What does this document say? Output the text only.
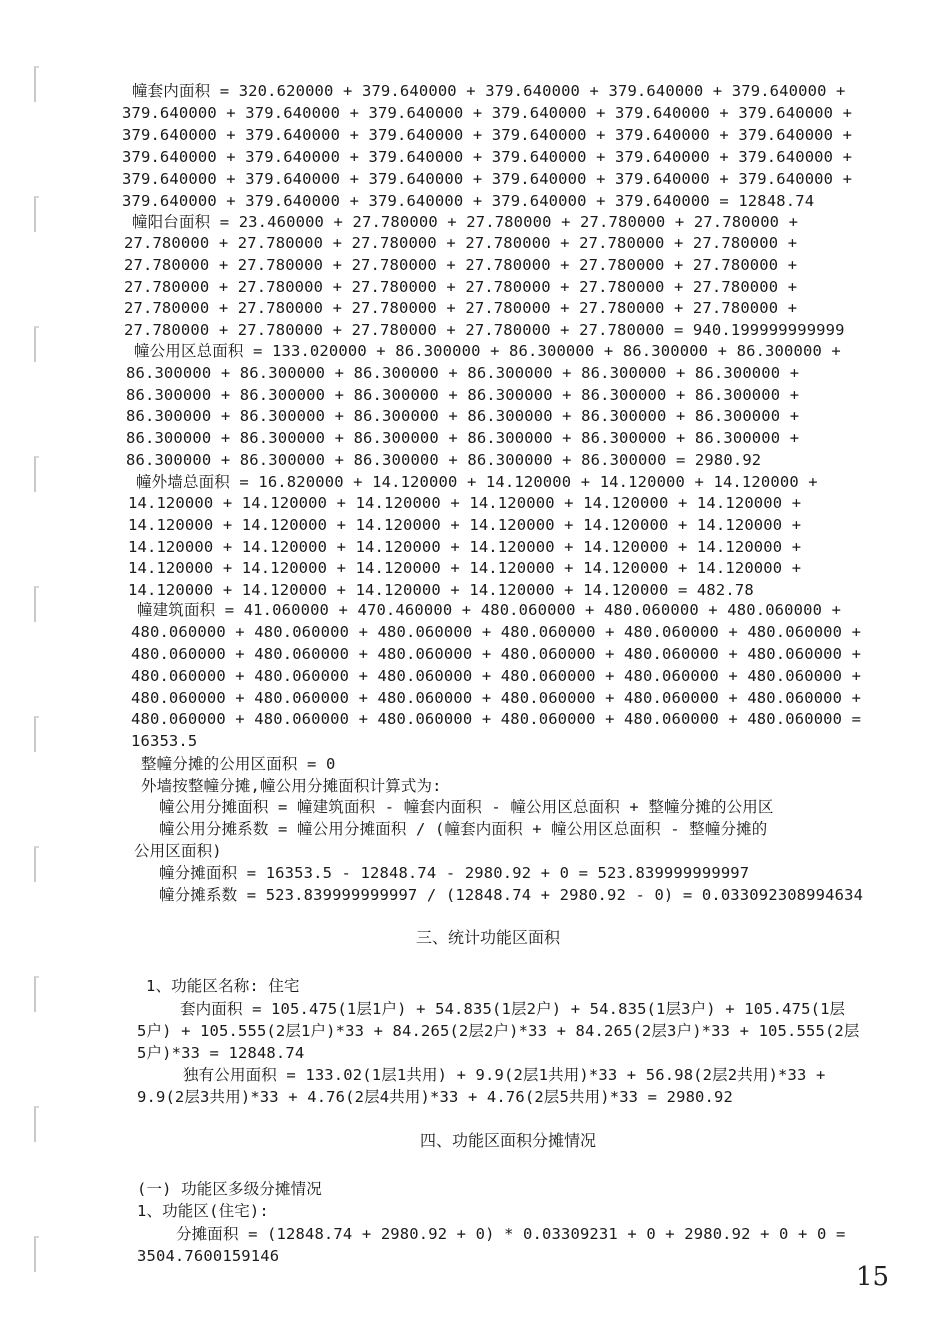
幢套内面积 = 320.620000 + 379.640000 + 379.640000 + 379.640000 + 379.640000 +
379.640000 + 379.640000 + 379.640000 + 379.640000 + 379.640000 + 379.640000 +
379.640000 + 379.640000 + 379.640000 + 379.640000 + 379.640000 + 379.640000 +
379.640000 + 379.640000 + 379.640000 + 379.640000 + 379.640000 + 379.640000 +
379.640000 + 379.640000 + 379.640000 + 379.640000 + 379.640000 + 379.640000 +
379.640000 + 379.640000 + 379.640000 + 379.640000 + 379.640000 = 12848.74
幢阳台面积 = 23.460000 + 27.780000 + 27.780000 + 27.780000 + 27.780000 +
27.780000 + 27.780000 + 27.780000 + 27.780000 + 27.780000 + 27.780000 +
27.780000 + 27.780000 + 27.780000 + 27.780000 + 27.780000 + 27.780000 +
27.780000 + 27.780000 + 27.780000 + 27.780000 + 27.780000 + 27.780000 +
27.780000 + 27.780000 + 27.780000 + 27.780000 + 27.780000 + 27.780000 +
27.780000 + 27.780000 + 27.780000 + 27.780000 + 27.780000 = 940.199999999999
幢公用区总面积 = 133.020000 + 86.300000 + 86.300000 + 86.300000 + 86.300000 +
86.300000 + 86.300000 + 86.300000 + 86.300000 + 86.300000 + 86.300000 +
86.300000 + 86.300000 + 86.300000 + 86.300000 + 86.300000 + 86.300000 +
86.300000 + 86.300000 + 86.300000 + 86.300000 + 86.300000 + 86.300000 +
86.300000 + 86.300000 + 86.300000 + 86.300000 + 86.300000 + 86.300000 +
86.300000 + 86.300000 + 86.300000 + 86.300000 + 86.300000 = 2980.92
幢外墙总面积 = 16.820000 + 14.120000 + 14.120000 + 14.120000 + 14.120000 +
14.120000 + 14.120000 + 14.120000 + 14.120000 + 14.120000 + 14.120000 +
14.120000 + 14.120000 + 14.120000 + 14.120000 + 14.120000 + 14.120000 +
14.120000 + 14.120000 + 14.120000 + 14.120000 + 14.120000 + 14.120000 +
14.120000 + 14.120000 + 14.120000 + 14.120000 + 14.120000 + 14.120000 +
14.120000 + 14.120000 + 14.120000 + 14.120000 + 14.120000 = 482.78
幢建筑面积 = 41.060000 + 470.460000 + 480.060000 + 480.060000 + 480.060000 +
480.060000 + 480.060000 + 480.060000 + 480.060000 + 480.060000 + 480.060000 +
480.060000 + 480.060000 + 480.060000 + 480.060000 + 480.060000 + 480.060000 +
480.060000 + 480.060000 + 480.060000 + 480.060000 + 480.060000 + 480.060000 +
480.060000 + 480.060000 + 480.060000 + 480.060000 + 480.060000 + 480.060000 +
480.060000 + 480.060000 + 480.060000 + 480.060000 + 480.060000 + 480.060000 =
16353.5
整幢分摊的公用区面积 = 0
外墙按整幢分摊,幢公用分摊面积计算式为:
幢公用分摊面积 = 幢建筑面积 - 幢套内面积 - 幢公用区总面积 + 整幢分摊的公用区
幢公用分摊系数 = 幢公用分摊面积 / (幢套内面积 + 幢公用区总面积 - 整幢分摊的
公用区面积)
幢分摊面积 = 16353.5 - 12848.74 - 2980.92 + 0 = 523.839999999997
幢分摊系数 = 523.839999999997 / (12848.74 + 2980.92 - 0) = 0.033092308994634
三、统计功能区面积
1、功能区名称: 住宅
套内面积 = 105.475(1层1户) + 54.835(1层2户) + 54.835(1层3户) + 105.475(1层
5户) + 105.555(2层1户)*33 + 84.265(2层2户)*33 + 84.265(2层3户)*33 + 105.555(2层
5户)*33 = 12848.74
独有公用面积 = 133.02(1层1共用) + 9.9(2层1共用)*33 + 56.98(2层2共用)*33 +
9.9(2层3共用)*33 + 4.76(2层4共用)*33 + 4.76(2层5共用)*33 = 2980.92
四、功能区面积分摊情况
(一) 功能区多级分摊情况
1、功能区(住宅):
分摊面积 = (12848.74 + 2980.92 + 0) * 0.03309231 + 0 + 2980.92 + 0 + 0 =
3504.7600159146
15
